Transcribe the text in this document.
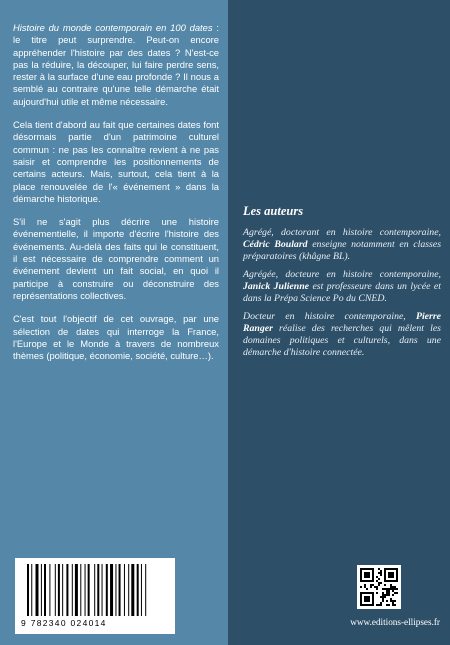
Histoire du monde contemporain en 100 dates : le titre peut surprendre. Peut-on encore appréhender l'histoire par des dates ? N'est-ce pas la réduire, la découper, lui faire perdre sens, rester à la surface d'une eau profonde ? Il nous a semblé au contraire qu'une telle démarche était aujourd'hui utile et même nécessaire.

Cela tient d'abord au fait que certaines dates font désormais partie d'un patrimoine culturel commun : ne pas les connaître revient à ne pas saisir et comprendre les positionnements de certains acteurs. Mais, surtout, cela tient à la place renouvelée de l'« événement » dans la démarche historique.

S'il ne s'agit plus décrire une histoire événementielle, il importe d'écrire l'histoire des événements. Au-delà des faits qui le constituent, il est nécessaire de comprendre comment un événement devient un fait social, en quoi il participe à construire ou déconstruire des représentations collectives.

C'est tout l'objectif de cet ouvrage, par une sélection de dates qui interroge la France, l'Europe et le Monde à travers de nombreux thèmes (politique, économie, société, culture…).

9 782340 024014
Les auteurs

Agrégé, doctorant en histoire contemporaine, Cédric Boulard enseigne notamment en classes préparatoires (khâgne BL).

Agrégée, docteure en histoire contemporaine, Janick Julienne est professeure dans un lycée et dans la Prépa Science Po du CNED.

Docteur en histoire contemporaine, Pierre Ranger réalise des recherches qui mêlent les domaines politiques et culturels, dans une démarche d'histoire connectée.

www.editions-ellipses.fr
